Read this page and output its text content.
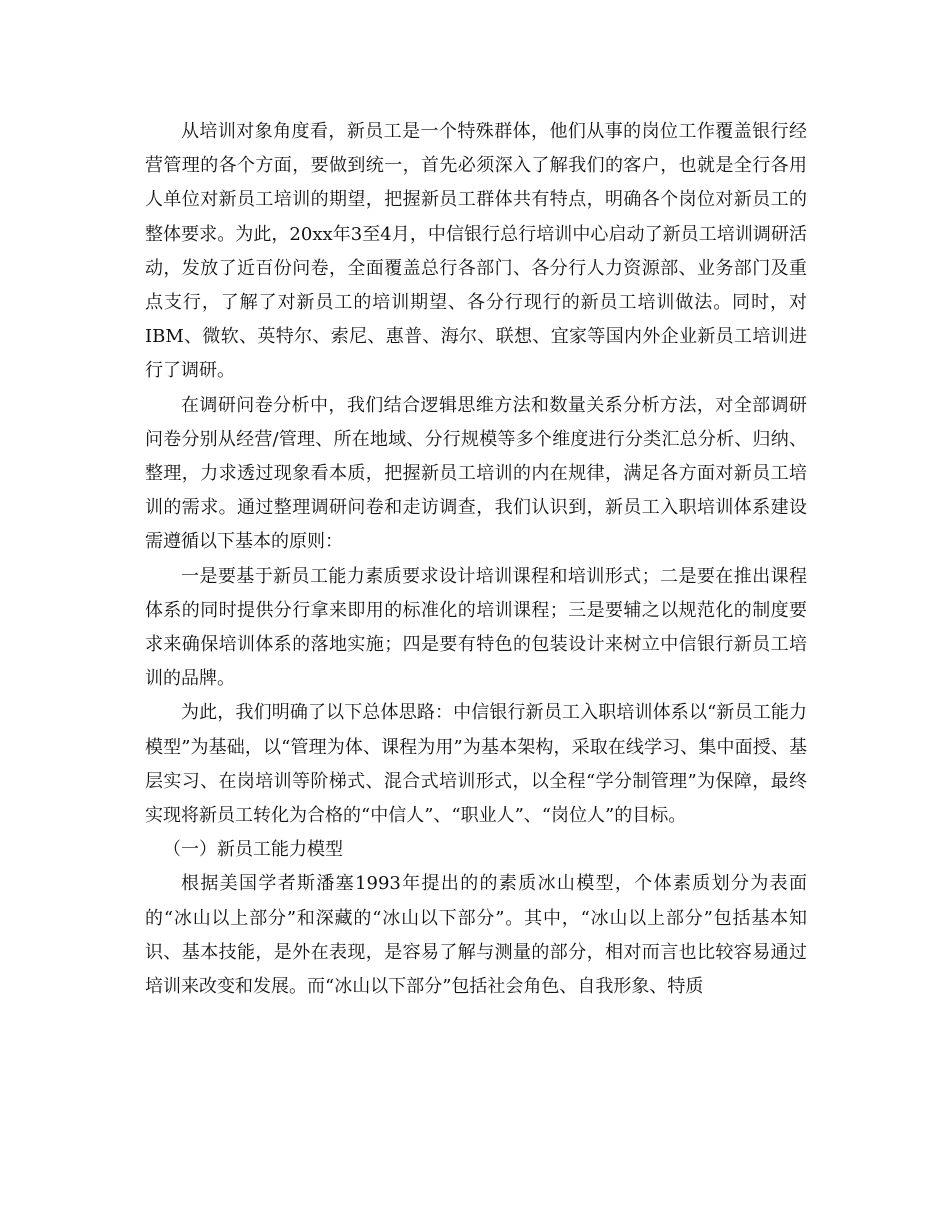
从培训对象角度看，新员工是一个特殊群体，他们从事的岗位工作覆盖银行经营管理的各个方面，要做到统一，首先必须深入了解我们的客户，也就是全行各用人单位对新员工培训的期望，把握新员工群体共有特点，明确各个岗位对新员工的整体要求。为此，20xx年3至4月，中信银行总行培训中心启动了新员工培训调研活动，发放了近百份问卷，全面覆盖总行各部门、各分行人力资源部、业务部门及重点支行，了解了对新员工的培训期望、各分行现行的新员工培训做法。同时，对IBM、微软、英特尔、索尼、惠普、海尔、联想、宜家等国内外企业新员工培训进行了调研。

在调研问卷分析中，我们结合逻辑思维方法和数量关系分析方法，对全部调研问卷分别从经营/管理、所在地域、分行规模等多个维度进行分类汇总分析、归纳、整理，力求透过现象看本质，把握新员工培训的内在规律，满足各方面对新员工培训的需求。通过整理调研问卷和走访调查，我们认识到，新员工入职培训体系建设需遵循以下基本的原则：

一是要基于新员工能力素质要求设计培训课程和培训形式；二是要在推出课程体系的同时提供分行拿来即用的标准化的培训课程；三是要辅之以规范化的制度要求来确保培训体系的落地实施；四是要有特色的包装设计来树立中信银行新员工培训的品牌。

为此，我们明确了以下总体思路：中信银行新员工入职培训体系以“新员工能力模型”为基础，以“管理为体、课程为用”为基本架构，采取在线学习、集中面授、基层实习、在岗培训等阶梯式、混合式培训形式，以全程“学分制管理”为保障，最终实现将新员工转化为合格的“中信人”、“职业人”、“岗位人”的目标。

（一）新员工能力模型

根据美国学者斯潘塞1993年提出的的素质冰山模型，个体素质划分为表面的“冰山以上部分”和深藏的“冰山以下部分”。其中，“冰山以上部分”包括基本知识、基本技能，是外在表现，是容易了解与测量的部分，相对而言也比较容易通过培训来改变和发展。而“冰山以下部分”包括社会角色、自我形象、特质
